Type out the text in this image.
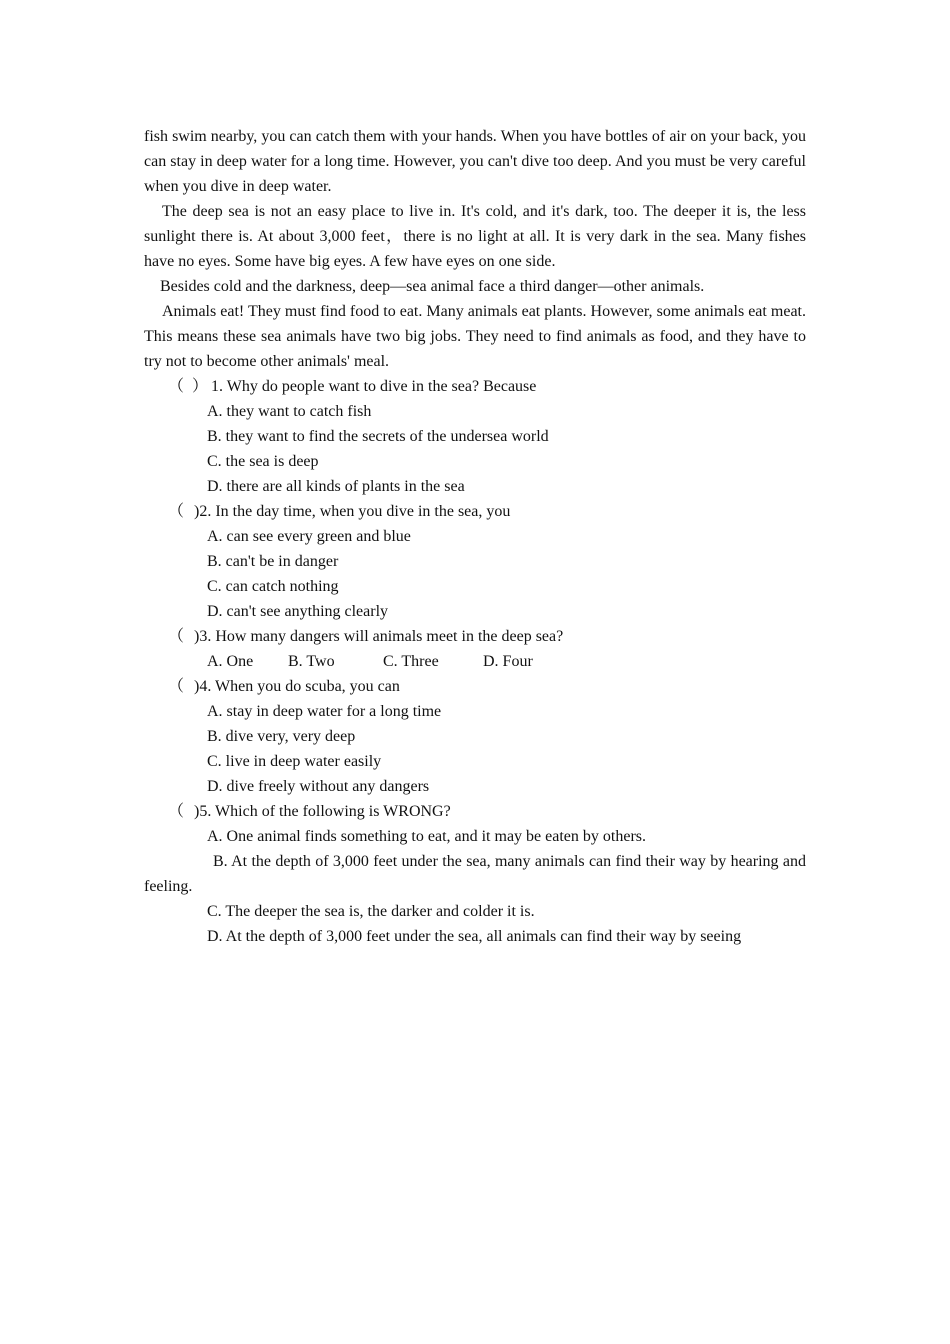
fish swim nearby, you can catch them with your hands. When you have bottles of air on your back, you can stay in deep water for a long time. However, you can't dive too deep. And you must be very careful when you dive in deep water.

The deep sea is not an easy place to live in. It's cold, and it's dark, too. The deeper it is, the less sunlight there is. At about 3,000 feet，there is no light at all. It is very dark in the sea. Many fishes have no eyes. Some have big eyes. A few have eyes on one side.

Besides cold and the darkness, deep—sea animal face a third danger—other animals.

Animals eat! They must find food to eat. Many animals eat plants. However, some animals eat meat. This means these sea animals have two big jobs. They need to find animals as food, and they have to try not to become other animals' meal.

（ ） 1. Why do people want to dive in the sea? Because

A. they want to catch fish

B. they want to find the secrets of the undersea world

C. the sea is deep

D. there are all kinds of plants in the sea

（ )2. In the day time, when you dive in the sea, you

A. can see every green and blue

B. can't be in danger

C. can catch nothing

D. can't see anything clearly

（ )3. How many dangers will animals meet in the deep sea?

A. One B. Two	C. Three	D. Four

（ )4. When you do scuba, you can

A. stay in deep water for a long time

B. dive very, very deep

C. live in deep water easily

D. dive freely without any dangers

（ )5. Which of the following is WRONG?

A. One animal finds something to eat, and it may be eaten by others.

B. At the depth of 3,000 feet under the sea, many animals can find their way by hearing and feeling.

C. The deeper the sea is, the darker and colder it is.

D. At the depth of 3,000 feet under the sea, all animals can find their way by seeing
